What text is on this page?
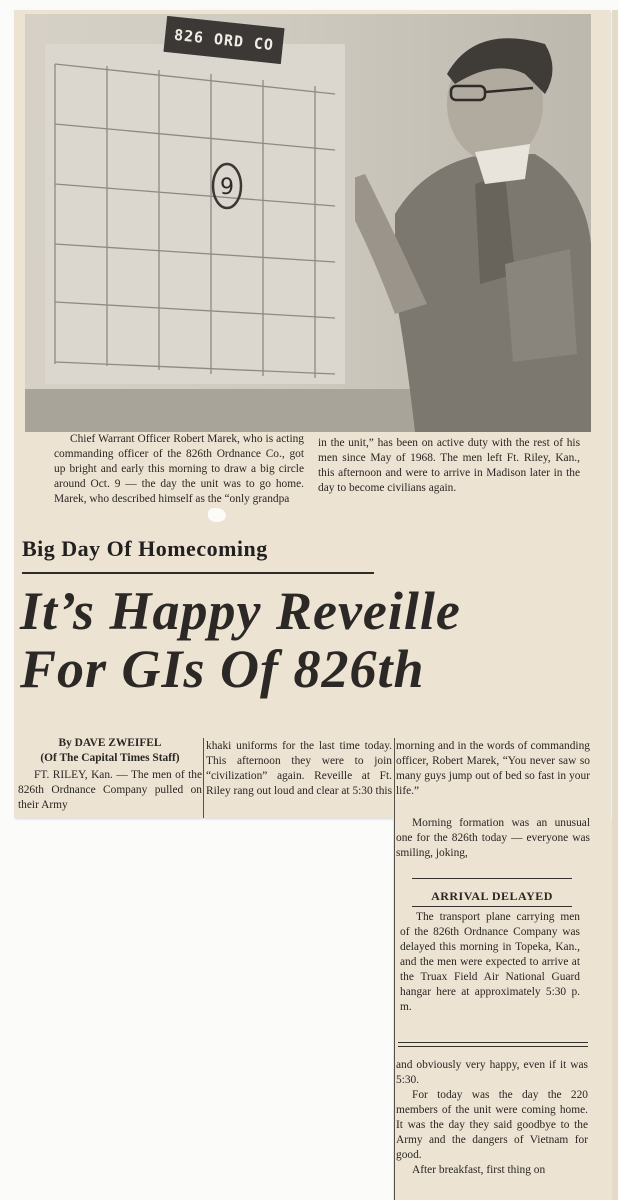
9
826 ORD CO

Chief Warrant Officer Robert Marek, who is acting commanding officer of the 826th Ordnance Co., got up bright and early this morning to draw a big circle around Oct. 9 — the day the unit was to go home. Marek, who described himself as the “only grandpa

in the unit,” has been on active duty with the rest of his men since May of 1968. The men left Ft. Riley, Kan., this afternoon and were to arrive in Madison later in the day to become civilians again.

Big Day Of Homecoming
It’s Happy Reveille
For GIs Of 826th
By DAVE ZWEIFEL
(Of The Capital Times Staff)

FT. RILEY, Kan. — The men of the 826th Ordnance Company pulled on their Army

khaki uniforms for the last time today. This afternoon they were to join “civilization” again. Reveille at Ft. Riley rang out loud and clear at 5:30 this

morning and in the words of commanding officer, Robert Marek, “You never saw so many guys jump out of bed so fast in your life.”

Morning formation was an unusual one for the 826th today — everyone was smiling, joking,

ARRIVAL DELAYED

The transport plane carrying men of the 826th Ordnance Company was delayed this morning in Topeka, Kan., and the men were expected to arrive at the Truax Field Air National Guard hangar here at approximately 5:30 p. m.

and obviously very happy, even if it was 5:30.

For today was the day the 220 members of the unit were coming home. It was the day they said goodbye to the Army and the dangers of Vietnam for good.

After breakfast, first thing on
